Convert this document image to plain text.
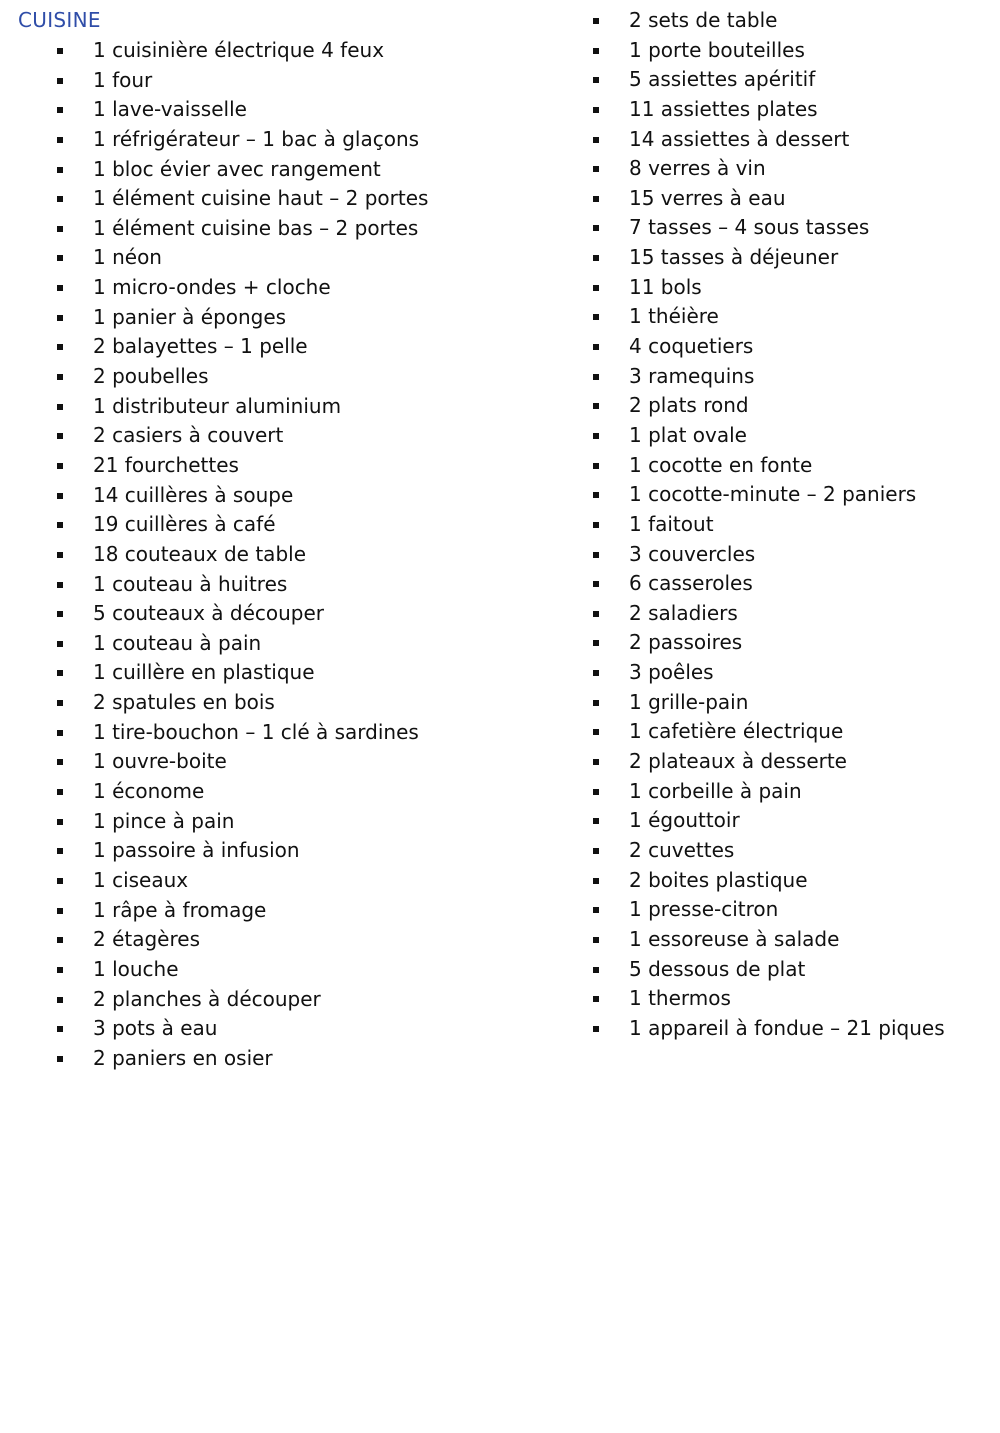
CUISINE
1 cuisinière électrique 4 feux
1 four
1 lave-vaisselle
1 réfrigérateur – 1 bac à glaçons
1 bloc évier avec rangement
1 élément cuisine haut – 2 portes
1 élément cuisine bas – 2 portes
1 néon
1 micro-ondes + cloche
1 panier à éponges
2 balayettes – 1 pelle
2 poubelles
1 distributeur aluminium
2 casiers à couvert
21 fourchettes
14 cuillères à soupe
19 cuillères à café
18 couteaux de table
1 couteau à huitres
5 couteaux à découper
1 couteau à pain
1 cuillère en plastique
2 spatules en bois
1 tire-bouchon – 1 clé à sardines
1 ouvre-boite
1 économe
1 pince à pain
1 passoire à infusion
1 ciseaux
1 râpe à fromage
2 étagères
1 louche
2 planches à découper
3 pots à eau
2 paniers en osier
2 sets de table
1 porte bouteilles
5 assiettes apéritif
11 assiettes plates
14 assiettes à dessert
8 verres à vin
15 verres à eau
7 tasses – 4 sous tasses
15 tasses à déjeuner
11 bols
1 théière
4 coquetiers
3 ramequins
2 plats rond
1 plat ovale
1 cocotte en fonte
1 cocotte-minute – 2 paniers
1 faitout
3 couvercles
6 casseroles
2 saladiers
2 passoires
3 poêles
1 grille-pain
1 cafetière électrique
2 plateaux à desserte
1 corbeille à pain
1 égouttoir
2 cuvettes
2 boites plastique
1 presse-citron
1 essoreuse à salade
5 dessous de plat
1 thermos
1 appareil à fondue – 21 piques
